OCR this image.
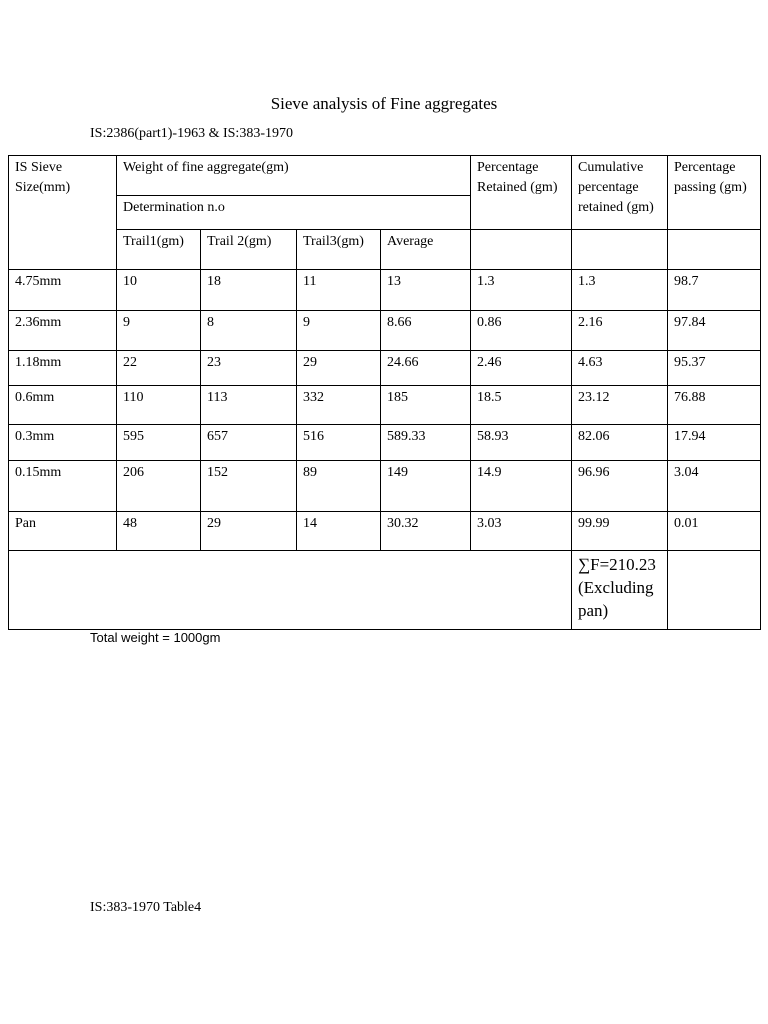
Sieve analysis of Fine aggregates
IS:2386(part1)-1963 & IS:383-1970
IS Sieve Size(mm)	Weight of fine aggregate(gm)				Percentage Retained (gm)	Cumulative percentage retained (gm)	Percentage passing (gm)
	Determination n.o						
	Trail1(gm)	Trail 2(gm)	Trail3(gm)	Average			
4.75mm	10	18	11	13	1.3	1.3	98.7
2.36mm	9	8	9	8.66	0.86	2.16	97.84
1.18mm	22	23	29	24.66	2.46	4.63	95.37
0.6mm	110	113	332	185	18.5	23.12	76.88
0.3mm	595	657	516	589.33	58.93	82.06	17.94
0.15mm	206	152	89	149	14.9	96.96	3.04
Pan	48	29	14	30.32	3.03	99.99	0.01
						∑F=210.23 (Excluding pan)	
Total weight = 1000gm
IS:383-1970 Table4
